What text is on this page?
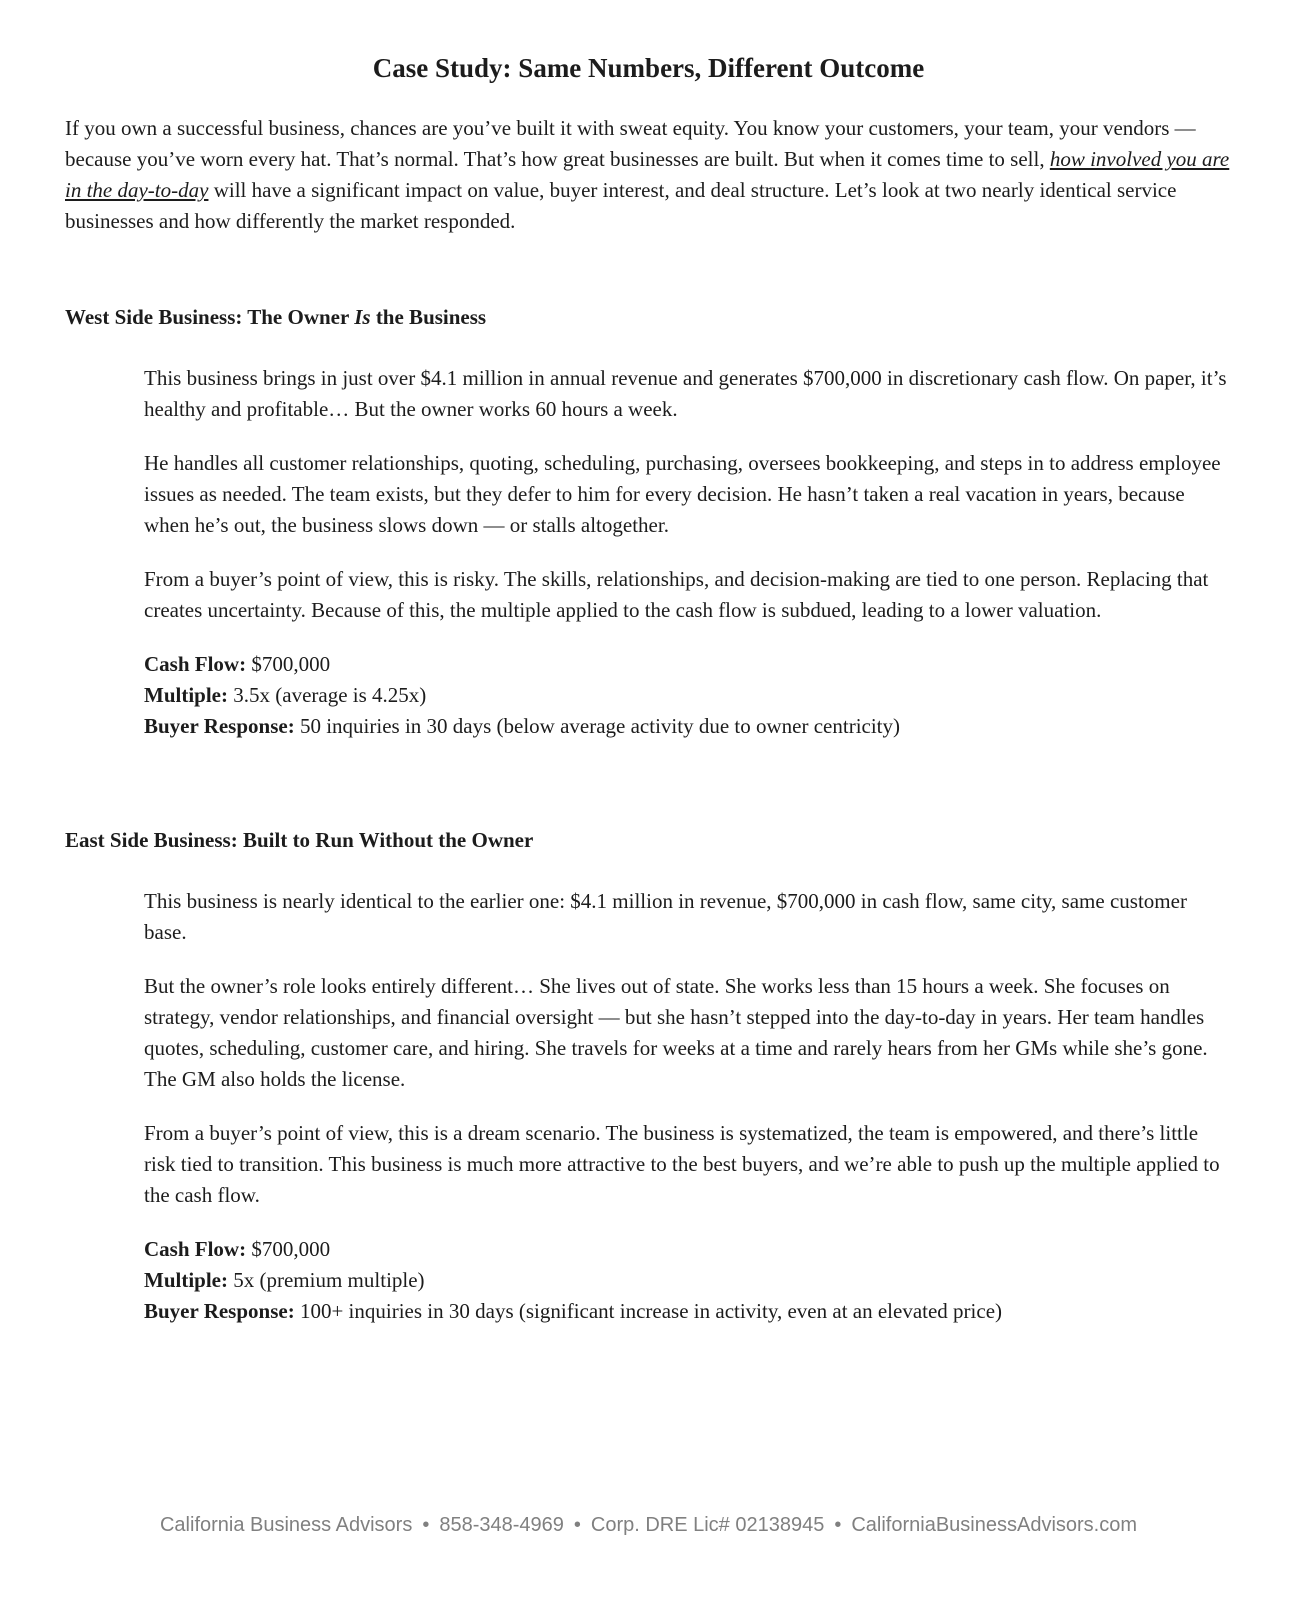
Case Study: Same Numbers, Different Outcome

If you own a successful business, chances are you’ve built it with sweat equity. You know your customers, your team, your vendors — because you’ve worn every hat. That’s normal. That’s how great businesses are built. But when it comes time to sell, how involved you are in the day-to-day will have a significant impact on value, buyer interest, and deal structure. Let’s look at two nearly identical service businesses and how differently the market responded.

West Side Business: The Owner Is the Business

This business brings in just over $4.1 million in annual revenue and generates $700,000 in discretionary cash flow. On paper, it’s healthy and profitable… But the owner works 60 hours a week.

He handles all customer relationships, quoting, scheduling, purchasing, oversees bookkeeping, and steps in to address employee issues as needed. The team exists, but they defer to him for every decision. He hasn’t taken a real vacation in years, because when he’s out, the business slows down — or stalls altogether.

From a buyer’s point of view, this is risky. The skills, relationships, and decision-making are tied to one person. Replacing that creates uncertainty. Because of this, the multiple applied to the cash flow is subdued, leading to a lower valuation.

Cash Flow: $700,000
Multiple: 3.5x (average is 4.25x)
Buyer Response: 50 inquiries in 30 days (below average activity due to owner centricity)
East Side Business: Built to Run Without the Owner

This business is nearly identical to the earlier one: $4.1 million in revenue, $700,000 in cash flow, same city, same customer base.

But the owner’s role looks entirely different… She lives out of state. She works less than 15 hours a week. She focuses on strategy, vendor relationships, and financial oversight — but she hasn’t stepped into the day-to-day in years. Her team handles quotes, scheduling, customer care, and hiring. She travels for weeks at a time and rarely hears from her GMs while she’s gone. The GM also holds the license.

From a buyer’s point of view, this is a dream scenario. The business is systematized, the team is empowered, and there’s little risk tied to transition. This business is much more attractive to the best buyers, and we’re able to push up the multiple applied to the cash flow.

Cash Flow: $700,000
Multiple: 5x (premium multiple)
Buyer Response: 100+ inquiries in 30 days (significant increase in activity, even at an elevated price)
California Business Advisors • 858-348-4969 • Corp. DRE Lic# 02138945 • CaliforniaBusinessAdvisors.com
